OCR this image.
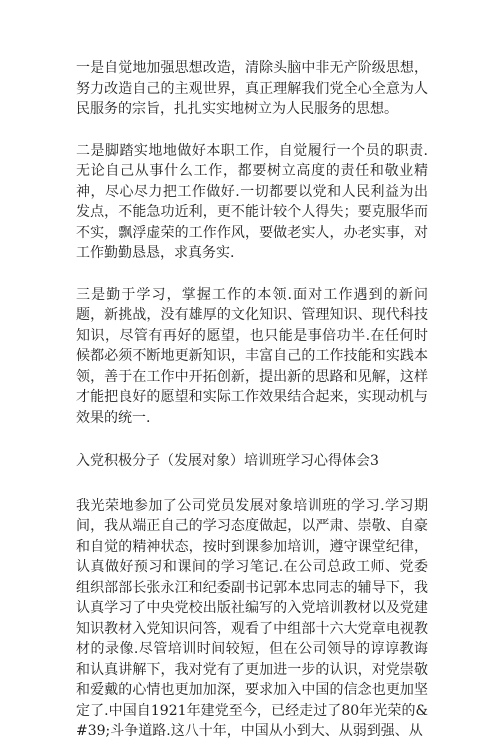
一是自觉地加强思想改造，清除头脑中非无产阶级思想，努力改造自己的主观世界，真正理解我们党全心全意为人民服务的宗旨，扎扎实实地树立为人民服务的思想。

二是脚踏实地地做好本职工作，自觉履行一个员的职责.无论自己从事什么工作，都要树立高度的责任和敬业精神，尽心尽力把工作做好.一切都要以党和人民利益为出发点，不能急功近利，更不能计较个人得失；要克服华而不实，飘浮虚荣的工作作风，要做老实人，办老实事，对工作勤勤恳恳，求真务实.

三是勤于学习，掌握工作的本领.面对工作遇到的新问题，新挑战，没有雄厚的文化知识、管理知识、现代科技知识，尽管有再好的愿望，也只能是事倍功半.在任何时候都必须不断地更新知识，丰富自己的工作技能和实践本领，善于在工作中开拓创新，提出新的思路和见解，这样才能把良好的愿望和实际工作效果结合起来，实现动机与效果的统一.

入党积极分子（发展对象）培训班学习心得体会3

我光荣地参加了公司党员发展对象培训班的学习.学习期间，我从端正自己的学习态度做起，以严肃、崇敬、自豪和自觉的精神状态，按时到课参加培训，遵守课堂纪律，认真做好预习和课间的学习笔记.在公司总政工师、党委组织部部长张永江和纪委副书记郭本忠同志的辅导下，我认真学习了中央党校出版社编写的入党培训教材以及党建知识教材入党知识问答，观看了中组部十六大党章电视教材的录像.尽管培训时间较短，但在公司领导的谆谆教诲和认真讲解下，我对党有了更加进一步的认识，对党崇敬和爱戴的心情也更加加深，要求加入中国的信念也更加坚定了.中国自1921年建党至今，已经走过了80年光荣的&#39;斗争道路.这八十年，中国从小到大、从弱到强、从
